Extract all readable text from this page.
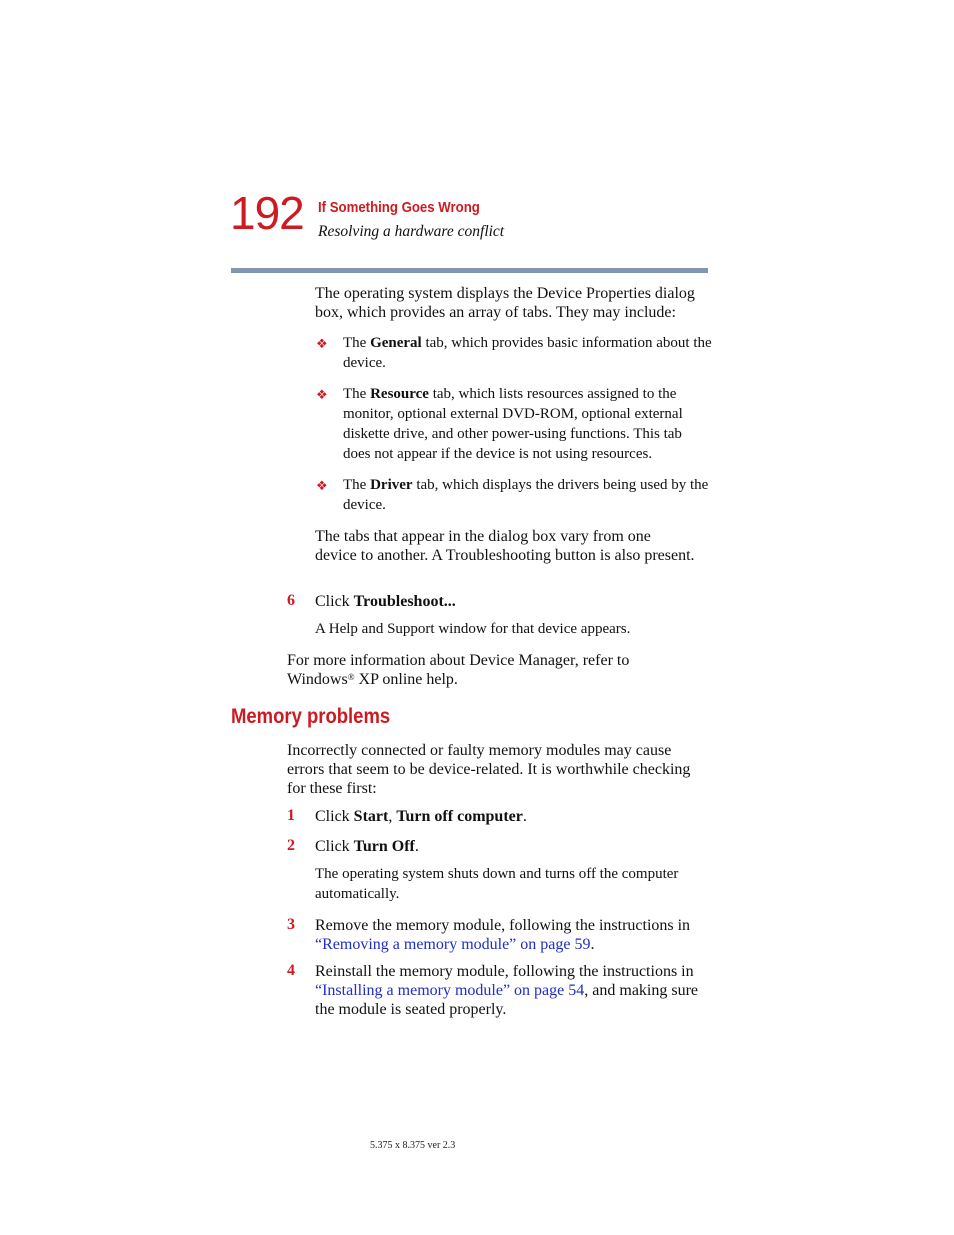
192 If Something Goes Wrong
Resolving a hardware conflict
The operating system displays the Device Properties dialog box, which provides an array of tabs. They may include:
❖ The General tab, which provides basic information about the device.
❖ The Resource tab, which lists resources assigned to the monitor, optional external DVD-ROM, optional external diskette drive, and other power-using functions. This tab does not appear if the device is not using resources.
❖ The Driver tab, which displays the drivers being used by the device.
The tabs that appear in the dialog box vary from one device to another. A Troubleshooting button is also present.
6 Click Troubleshoot...
A Help and Support window for that device appears.
For more information about Device Manager, refer to Windows® XP online help.
Memory problems
Incorrectly connected or faulty memory modules may cause errors that seem to be device-related. It is worthwhile checking for these first:
1 Click Start, Turn off computer.
2 Click Turn Off.
The operating system shuts down and turns off the computer automatically.
3 Remove the memory module, following the instructions in “Removing a memory module” on page 59.
4 Reinstall the memory module, following the instructions in “Installing a memory module” on page 54, and making sure the module is seated properly.
5.375 x 8.375 ver 2.3
